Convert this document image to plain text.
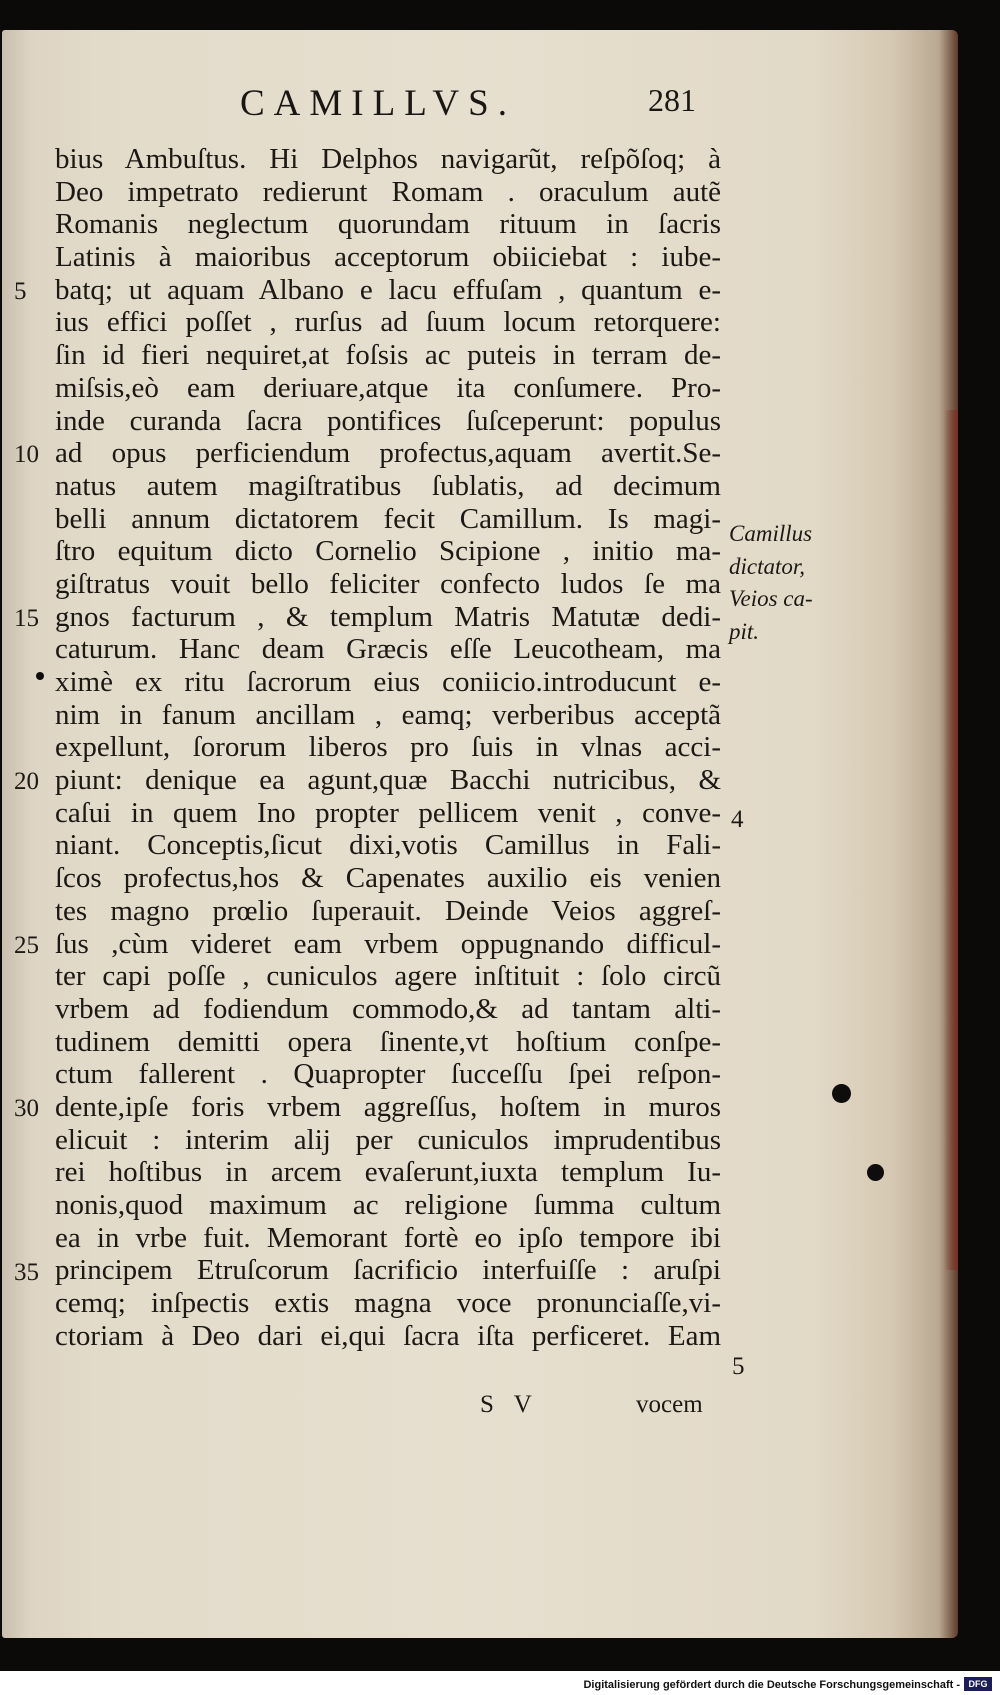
CAMILLVS.	281
bius Ambuſtus. Hi Delphos navigarũt, reſpõſoq; à
Deo impetrato redierunt Romam . oraculum autẽ
Romanis neglectum quorundam rituum in ſacris
Latinis à maioribus acceptorum obiiciebat : iube-
batq; ut aquam Albano e lacu effuſam , quantum e-
ius effici poſſet , rurſus ad ſuum locum retorquere:
ſin id fieri nequiret,at foſsis ac puteis in terram de-
miſsis,eò eam deriuare,atque ita conſumere. Pro-
inde curanda ſacra pontifices ſuſceperunt: populus
ad opus perficiendum profectus,aquam avertit.Se-
natus autem magiſtratibus ſublatis, ad decimum
belli annum dictatorem fecit Camillum. Is magi-
ſtro equitum dicto Cornelio Scipione , initio ma-
giſtratus vouit bello feliciter confecto ludos ſe ma
gnos facturum , & templum Matris Matutæ dedi-
caturum. Hanc deam Græcis eſſe Leucotheam, ma
ximè ex ritu ſacrorum eius coniicio.introducunt e-
nim in fanum ancillam , eamq; verberibus acceptã
expellunt, ſororum liberos pro ſuis in vlnas acci-
piunt: denique ea agunt,quæ Bacchi nutricibus, &
caſui in quem Ino propter pellicem venit , conve-
niant. Conceptis,ſicut dixi,votis Camillus in Fali-
ſcos profectus,hos & Capenates auxilio eis venien
tes magno prœlio ſuperauit. Deinde Veios aggreſ-
ſus ,cùm videret eam vrbem oppugnando difficul-
ter capi poſſe , cuniculos agere inſtituit : ſolo circũ
vrbem ad fodiendum commodo,& ad tantam alti-
tudinem demitti opera ſinente,vt hoſtium conſpe-
ctum fallerent . Quapropter ſucceſſu ſpei reſpon-
dente,ipſe foris vrbem aggreſſus, hoſtem in muros
elicuit : interim alij per cuniculos imprudentibus
rei hoſtibus in arcem evaſerunt,iuxta templum Iu-
nonis,quod maximum ac religione ſumma cultum
ea in vrbe fuit. Memorant fortè eo ipſo tempore ibi
principem Etruſcorum ſacrificio interfuiſſe : aruſpi
cemq; inſpectis extis magna voce pronunciaſſe,vi-
ctoriam à Deo dari ei,qui ſacra iſta perficeret. Eam
5
10
15
20
25
30
35
Camillus
dictator,
Veios ca-
pit.
4
5
S V	vocem
Digitalisierung gefördert durch die Deutsche Forschungsgemeinschaft - DFG
